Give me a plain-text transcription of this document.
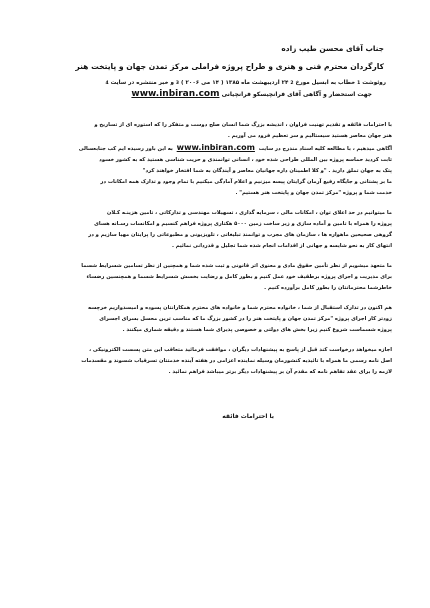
جناب آقای محسن طیب زاده
کارگردان محترم فنی و هنری و طراح پروژه فراملی مرکز تمدن جهان و پایتخت هنر
روئوشت $^1$ خطاب به ابسیل مورخ $^2$ ۲۴ اردیبهشت ماه ۱۳۸۵ ( ۱۴ می ۲۰۰۶ ) $^3$ و خبر منتشره در سایت $^4$
جهت استحضار و آگاهی آقای فرانچیسکو فرانچیانی www.inbiran.com
با احترامات فائقه و تقدیم تهنیت فراوان ، اندیشه بزرگ شما انسان صلح دوست و متفکر را که استوره ای از تساریخ و
هنر جهان معاصر هستید سیستالیم و سر تعظیم فرود می آوریم .
آگاهی میدهیم ، با مطالعه کلیه اسناد مندرج در سایت www.inbiran.com به این باور رسیده ایم کب جنابعسالی
ثابت کردید حماسه پروژه بین المللی طراحی شده خود ، انسانی توانمندی و حریت شناسی هستید که به کشور خسود
پتک به جهان تملق دارید . "و کلا اطمینان داره جهانیان معاصر و آیندگان به شما افتخار خواهند کرد"
ما بر پشتانی و جایگاه رفیع آرمان گرایتان پیسه میزنیم و اعلام آمادگی میکنیم با تمام وجود و تدارک همه امکانات در
خدمت شما و پروژه "مرکز تمدن جهان و پایتخت هنر هستیم" .
ما میتوانیم در حد اعلای توان ، امکانات مالی ، سرمایه گذاری ، تسهیلات مهندسی و تدارکاتی ، تامین هزینـه کـلان
پروژه را همراه با تامین و آماده سازی و زیر ساخت زمین ۵۰۰۰ هکتاری پروژه فراهم کنسیم و امکانسات رسـانه هسای
گروهی صحیحین ماهواره ها ، سازمان های مجرب و توانمند تبلیغاتی ، تلویزیونی و مطبوعاتی را پرایتان مهیا سازیم و در
انتهای کار به نحو شایسه و جهانی از اقدامات انجام شده شما تجلیل و قدردانی نمائیم .
ما متعهد میشویم از نظر تأمین حقوق مادی و معنوی اثر قانونی و ثبت شده شما و همچنین از نظر تسامین شسرایط شسما
برای مدیریت و اجرای پروژه برطقیف خود عمل کنیم و بطور کامل و رضایت بخسش شسرایط شسما و همچنسین رضساء
خاطرشما محترمانتان را بطور کامل برآورده کنیم .
هم اکنون در تدارک استقبال از شما ، خانواده محترم شما و خانواده های محترم همکارانتان پسوده و امیسدواریم خرچسه
زودتر کار اجرای پروژه "مرکز تمدن جهان و پایتخت هنر را در کشور بزرگ ما که مناسب ترین محسل بسرای اجسرای
پروژه شسماست شروع کنیم زیرا بخش های دولتی و خصوصی پذیرای شما هستند و دقیقه شماری میکنند .
اجازه میخواهد درخواست کند قبل از پاسخ به پیشنهادات دیگران ، موافقت فرمائید متعاقب این متن پسست الکترونیکی ،
اصل نامه رسمی ما همراه با تائیدیه کنشورمان وسیله نماینده اعزامی در هفته آینده خدمتتان تسرقیاب شسوند و مقسدمات
لازمه را برای عقد تفاهم نامه که مقدم آن بر پیشنهادات دیگر برتر میباشد فراهم نمائید .
با احترامات فائقه
